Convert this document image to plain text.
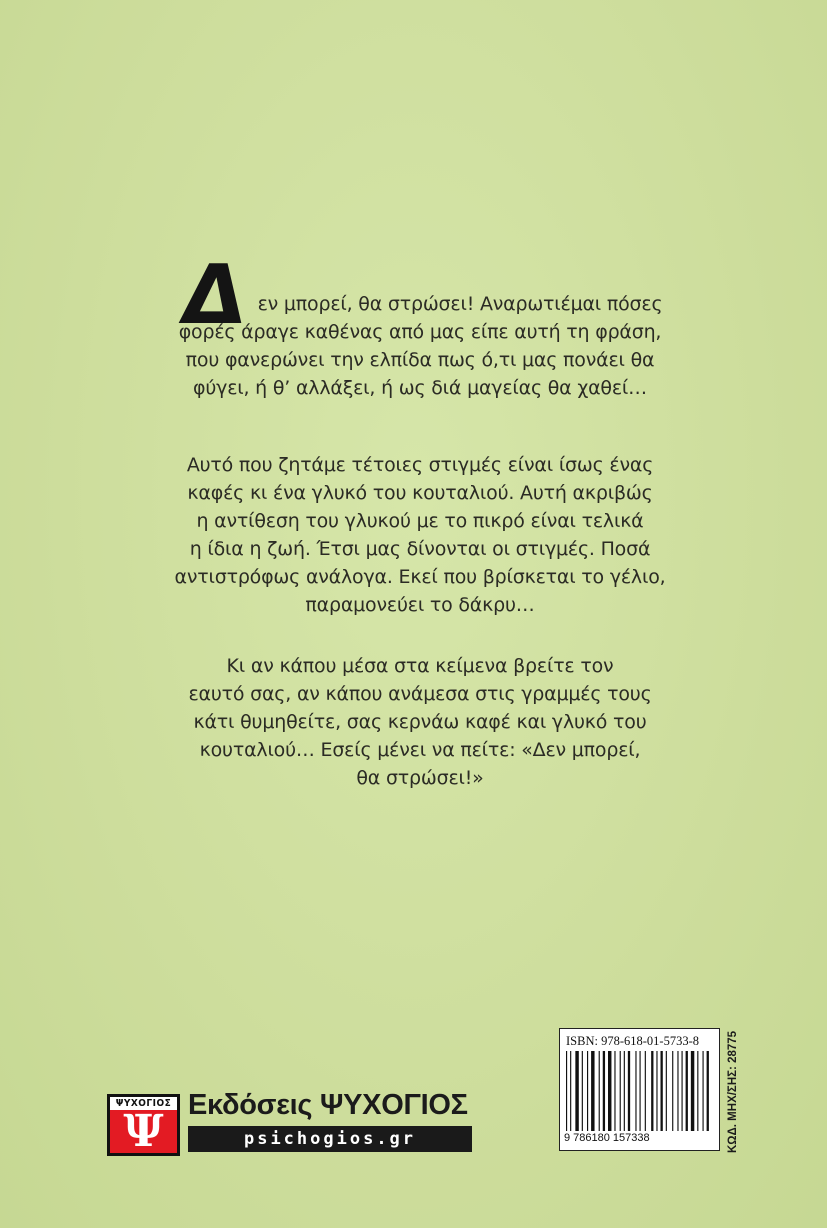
Δ εν μπορεί, θα στρώσει! Αναρωτιέμαι πόσες
φορές άραγε καθένας από μας είπε αυτή τη φράση,
που φανερώνει την ελπίδα πως ό,τι μας πονάει θα
φύγει, ή θ’ αλλάξει, ή ως διά μαγείας θα χαθεί…
Αυτό που ζητάμε τέτοιες στιγμές είναι ίσως ένας
καφές κι ένα γλυκό του κουταλιού. Αυτή ακριβώς
η αντίθεση του γλυκού με το πικρό είναι τελικά
η ίδια η ζωή. Έτσι μας δίνονται οι στιγμές. Ποσά
αντιστρόφως ανάλογα. Εκεί που βρίσκεται το γέλιο,
παραμονεύει το δάκρυ…
Κι αν κάπου μέσα στα κείμενα βρείτε τον
εαυτό σας, αν κάπου ανάμεσα στις γραμμές τους
κάτι θυμηθείτε, σας κερνάω καφέ και γλυκό του
κουταλιού… Εσείς μένει να πείτε: «Δεν μπορεί,
θα στρώσει!»
ΨΥΧΟΓΙΟΣ
Ψ
Εκδόσεις ΨΥΧΟΓΙΟΣ
psichogios.gr
ISBN: 978-618-01-5733-8
9 786180 157338	ΚΩΔ. ΜΗΧ/ΣΗΣ: 28775
